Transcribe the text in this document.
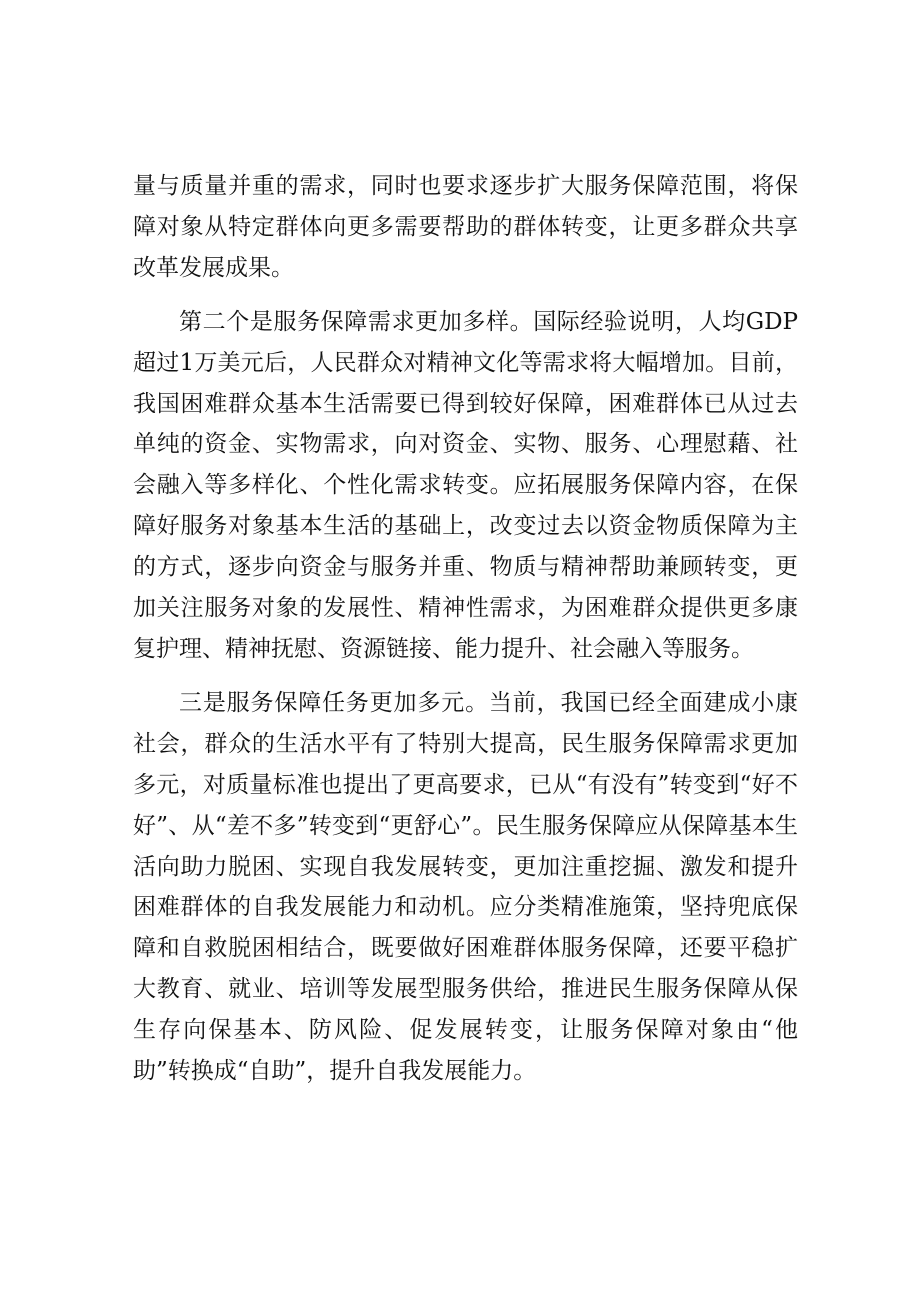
量与质量并重的需求，同时也要求逐步扩大服务保障范围，将保障对象从特定群体向更多需要帮助的群体转变，让更多群众共享改革发展成果。

第二个是服务保障需求更加多样。国际经验说明，人均GDP超过1万美元后，人民群众对精神文化等需求将大幅增加。目前，我国困难群众基本生活需要已得到较好保障，困难群体已从过去单纯的资金、实物需求，向对资金、实物、服务、心理慰藉、社会融入等多样化、个性化需求转变。应拓展服务保障内容，在保障好服务对象基本生活的基础上，改变过去以资金物质保障为主的方式，逐步向资金与服务并重、物质与精神帮助兼顾转变，更加关注服务对象的发展性、精神性需求，为困难群众提供更多康复护理、精神抚慰、资源链接、能力提升、社会融入等服务。

三是服务保障任务更加多元。当前，我国已经全面建成小康社会，群众的生活水平有了特别大提高，民生服务保障需求更加多元，对质量标准也提出了更高要求，已从“有没有”转变到“好不好”、从“差不多”转变到“更舒心”。民生服务保障应从保障基本生活向助力脱困、实现自我发展转变，更加注重挖掘、激发和提升困难群体的自我发展能力和动机。应分类精准施策，坚持兜底保障和自救脱困相结合，既要做好困难群体服务保障，还要平稳扩大教育、就业、培训等发展型服务供给，推进民生服务保障从保生存向保基本、防风险、促发展转变，让服务保障对象由“他助”转换成“自助”，提升自我发展能力。
